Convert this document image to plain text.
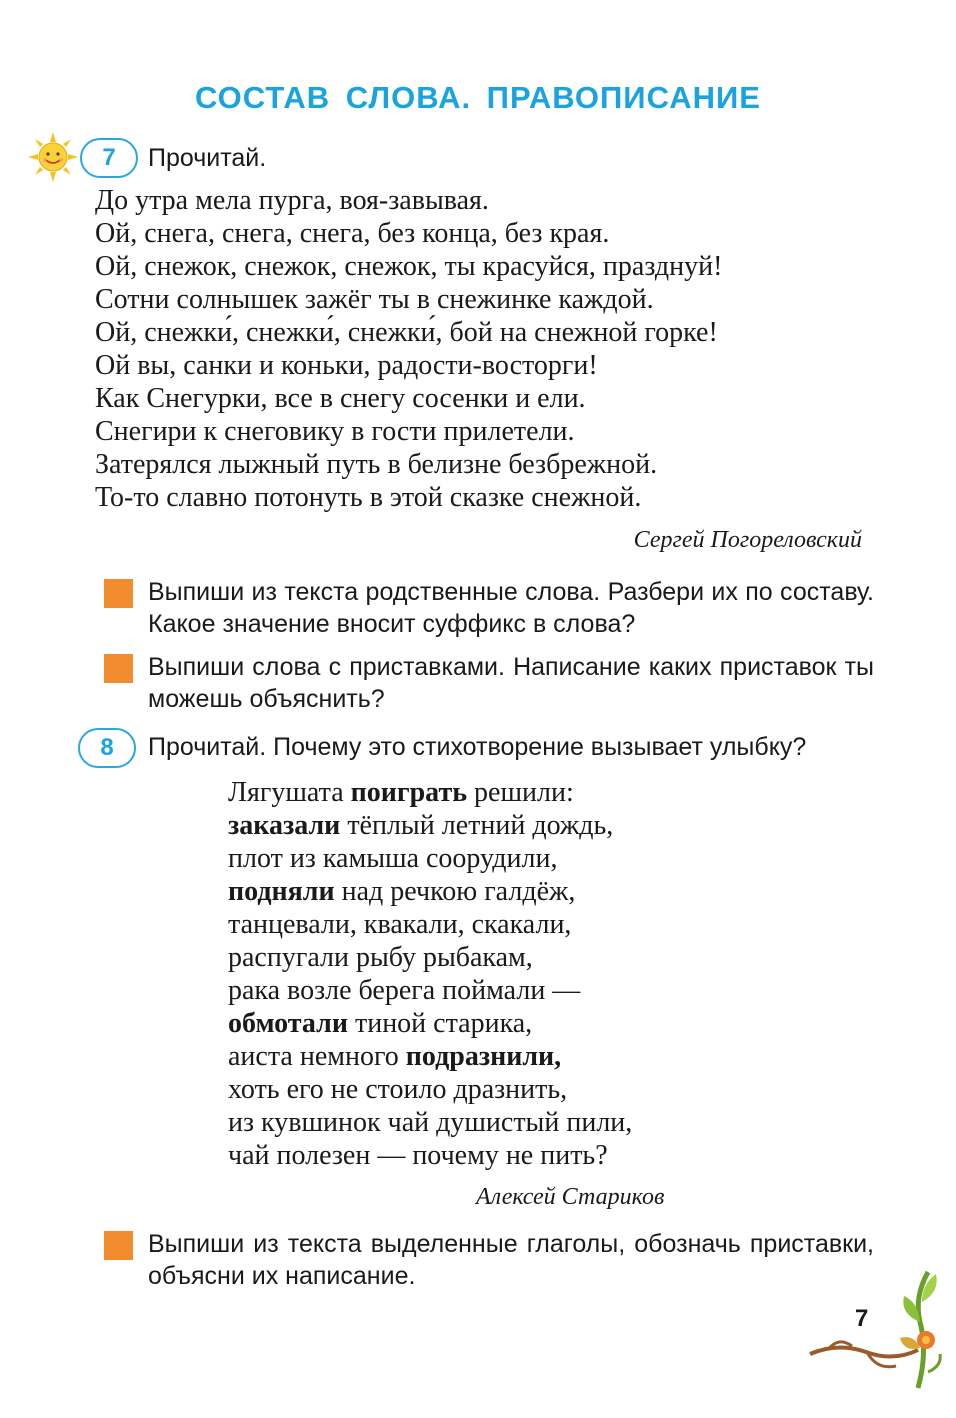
СОСТАВ СЛОВА. ПРАВОПИСАНИЕ
7	Прочитай.
До утра мела пурга, воя-завывая.
Ой, снега, снега, снега, без конца, без края.
Ой, снежок, снежок, снежок, ты красуйся, празднуй!
Сотни солнышек зажёг ты в снежинке каждой.
Ой, снежки́, снежки́, снежки́, бой на снежной горке!
Ой вы, санки и коньки, радости-восторги!
Как Снегурки, все в снегу сосенки и ели.
Снегири к снеговику в гости прилетели.
Затерялся лыжный путь в белизне безбрежной.
То-то славно потонуть в этой сказке снежной.
Сергей Погореловский
Выпиши из текста родственные слова. Разбери их по составу. Какое значение вносит суффикс в слова?
Выпиши слова с приставками. Написание каких приставок ты можешь объяснить?
8	Прочитай. Почему это стихотворение вызывает улыбку?
Лягушата поиграть решили:
заказали тёплый летний дождь,
плот из камыша соорудили,
подняли над речкою галдёж,
танцевали, квакали, скакали,
распугали рыбу рыбакам,
рака возле берега поймали —
обмотали тиной старика,
аиста немного подразнили,
хоть его не стоило дразнить,
из кувшинок чай душистый пили,
чай полезен — почему не пить?
Алексей Стариков
Выпиши из текста выделенные глаголы, обозначь приставки, объясни их написание.
7
